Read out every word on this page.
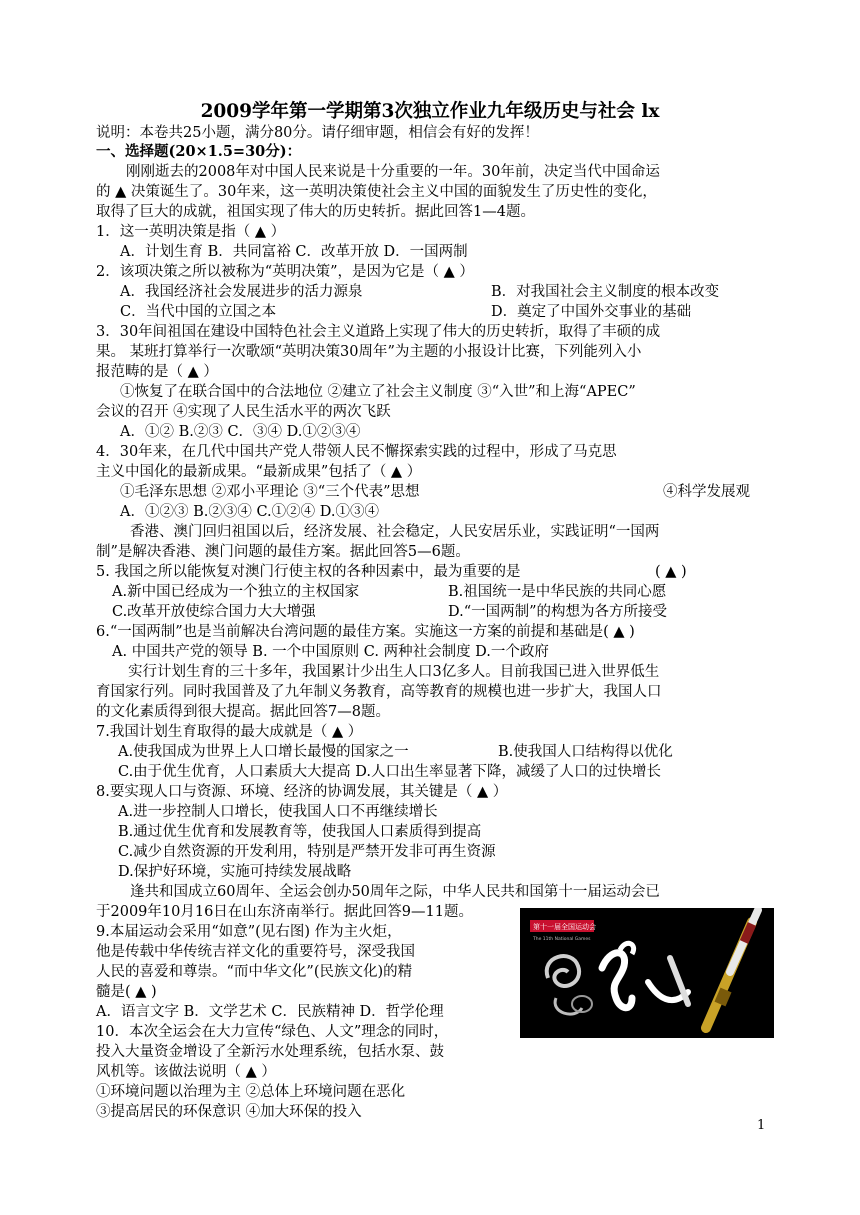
2009学年第一学期第3次独立作业九年级历史与社会 lx
说明：本卷共25小题，满分80分。请仔细审题，相信会有好的发挥！
一、选择题(20×1.5=30分)：
刚刚逝去的2008年对中国人民来说是十分重要的一年。30年前，决定当代中国命运
的 ▲ 决策诞生了。30年来，这一英明决策使社会主义中国的面貌发生了历史性的变化，
取得了巨大的成就，祖国实现了伟大的历史转折。据此回答1—4题。
1．这一英明决策是指（ ▲ ）
A．计划生育 B．共同富裕 C．改革开放 D．一国两制
2．该项决策之所以被称为“英明决策”，是因为它是（ ▲ ）
A．我国经济社会发展进步的活力源泉	B．对我国社会主义制度的根本改变
C．当代中国的立国之本	D．奠定了中国外交事业的基础
3．30年间祖国在建设中国特色社会主义道路上实现了伟大的历史转折，取得了丰硕的成
果。 某班打算举行一次歌颂“英明决策30周年”为主题的小报设计比赛，下列能列入小
报范畴的是（ ▲ ）
①恢复了在联合国中的合法地位 ②建立了社会主义制度 ③“入世”和上海“APEC”
会议的召开 ④实现了人民生活水平的两次飞跃
A．①② B.②③ C．③④ D.①②③④
4．30年来，在几代中国共产党人带领人民不懈探索实践的过程中，形成了马克思
主义中国化的最新成果。“最新成果”包括了（ ▲ ）
①毛泽东思想 ②邓小平理论 ③“三个代表”思想	④科学发展观
A．①②③ B.②③④ C.①②④ D.①③④
香港、澳门回归祖国以后，经济发展、社会稳定，人民安居乐业，实践证明“一国两
制”是解决香港、澳门问题的最佳方案。据此回答5—6题。
5. 我国之所以能恢复对澳门行使主权的各种因素中，最为重要的是	( ▲ )
A.新中国已经成为一个独立的主权国家	B.祖国统一是中华民族的共同心愿
C.改革开放使综合国力大大增强	D.“一国两制”的构想为各方所接受
6.“一国两制”也是当前解决台湾问题的最佳方案。实施这一方案的前提和基础是( ▲ )
A. 中国共产党的领导 B. 一个中国原则 C. 两种社会制度 D.一个政府
实行计划生育的三十多年，我国累计少出生人口3亿多人。目前我国已进入世界低生
育国家行列。同时我国普及了九年制义务教育，高等教育的规模也进一步扩大，我国人口
的文化素质得到很大提高。据此回答7—8题。
7.我国计划生育取得的最大成就是（ ▲ ）
A.使我国成为世界上人口增长最慢的国家之一	B.使我国人口结构得以优化
C.由于优生优育，人口素质大大提高 D.人口出生率显著下降，减缓了人口的过快增长
8.要实现人口与资源、环境、经济的协调发展，其关键是（ ▲ ）
A.进一步控制人口增长，使我国人口不再继续增长
B.通过优生优育和发展教育等，使我国人口素质得到提高
C.减少自然资源的开发利用，特别是严禁开发非可再生资源
D.保护好环境，实施可持续发展战略
逢共和国成立60周年、全运会创办50周年之际，中华人民共和国第十一届运动会已
于2009年10月16日在山东济南举行。据此回答9—11题。
9.本届运动会采用“如意”(见右图) 作为主火炬，
他是传载中华传统吉祥文化的重要符号，深受我国
人民的喜爱和尊崇。“而中华文化”(民族文化)的精
髓是( ▲ )
A．语言文字 B．文学艺术 C．民族精神 D．哲学伦理
10．本次全运会在大力宣传“绿色、人文”理念的同时，
投入大量资金增设了全新污水处理系统，包括水泵、鼓
风机等。该做法说明（ ▲ ）
①环境问题以治理为主 ②总体上环境问题在恶化
③提高居民的环保意识 ④加大环保的投入
第十一届全国运动会
The 11th National Games
1
